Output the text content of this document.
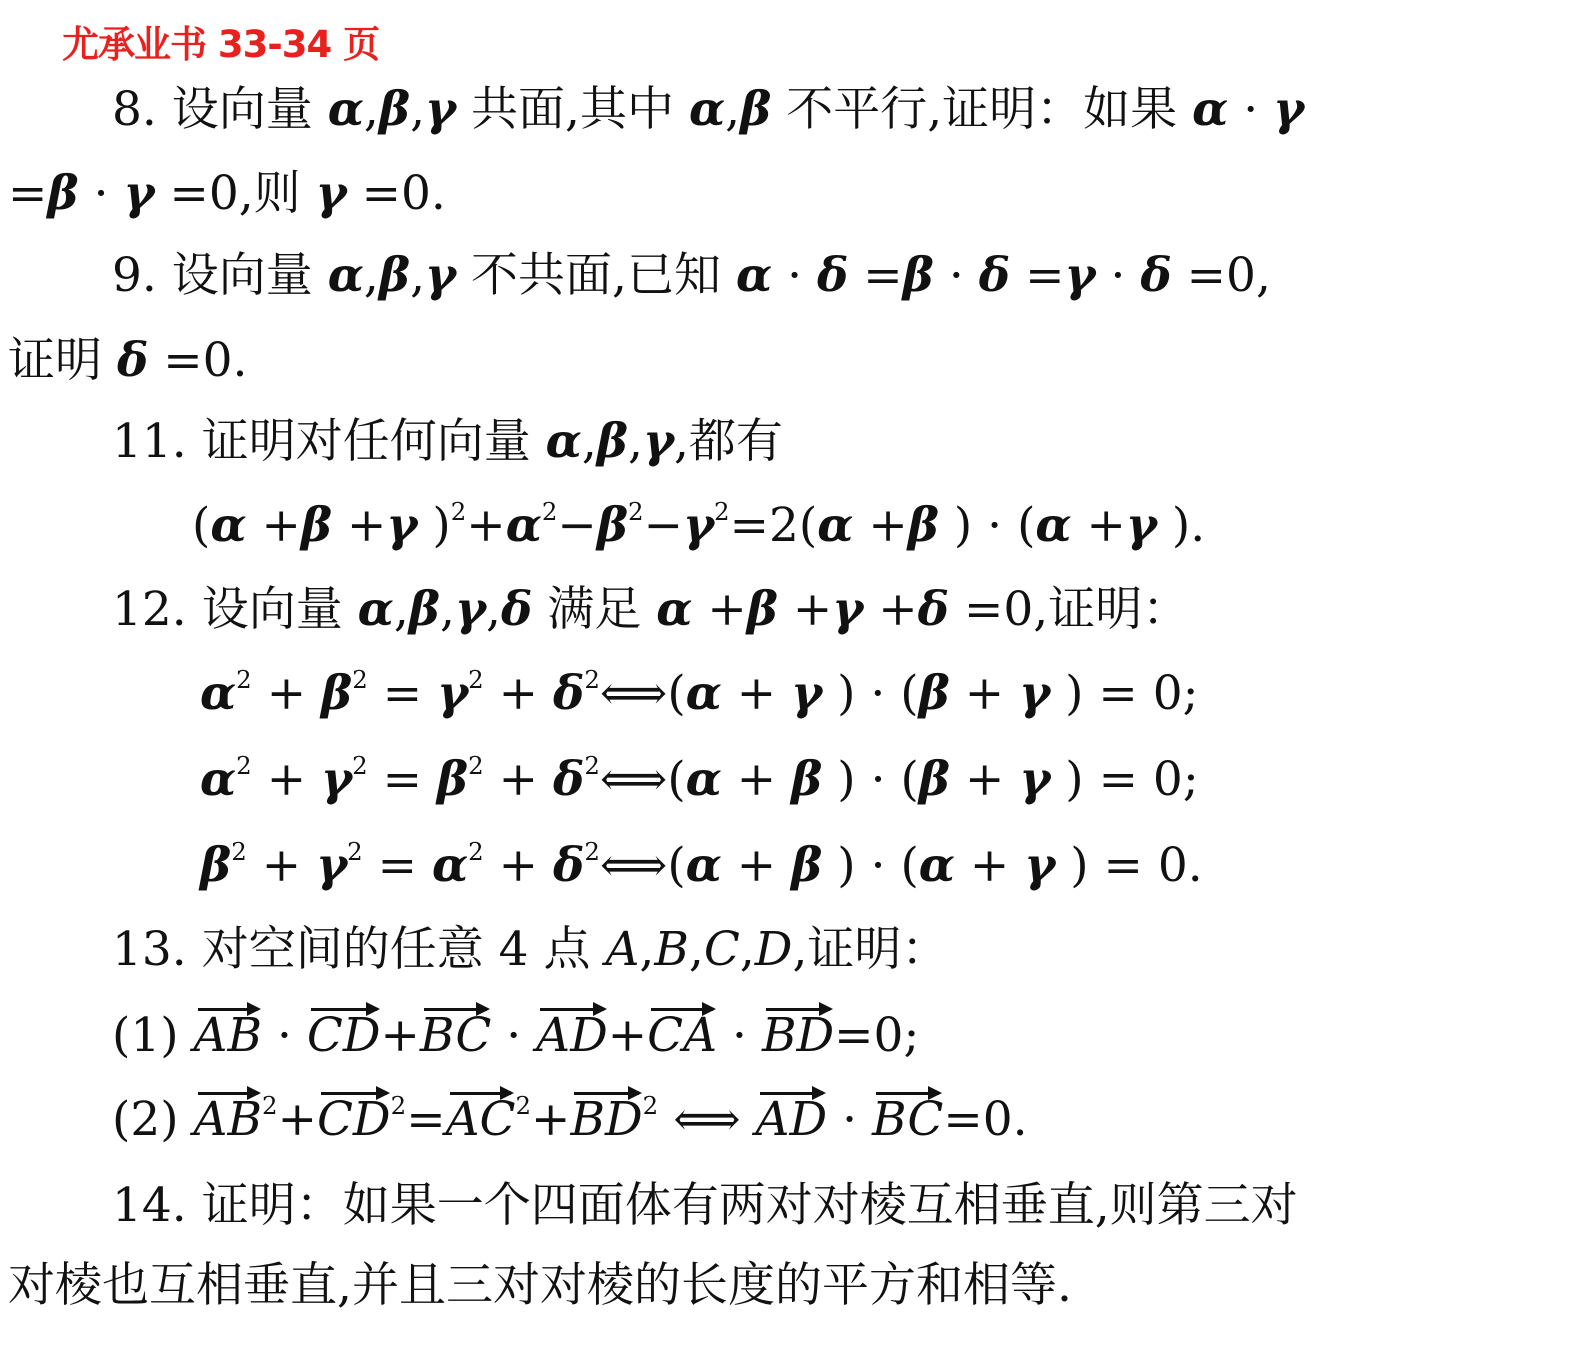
尤承业书 33-34 页
8. 设向量 α,β,γ 共面,其中 α,β 不平行,证明：如果 α · γ
=β · γ =0,则 γ =0.
9. 设向量 α,β,γ 不共面,已知 α · δ =β · δ =γ · δ =0,
证明 δ =0.
11. 证明对任何向量 α,β,γ,都有
(α +β +γ )$^2+\alpha^2-\beta^2-\gamma^2=2(\alpha +\beta$ ) · (α +γ ).
12. 设向量 α,β,γ,δ 满足 α +β +γ +δ =0,证明：
$\alpha^2 + \beta^2 = \gamma^2$ + $\delta^2⟺(\alpha + \gamma$ ) · (β + γ ) = 0;
$\alpha^2 + \gamma^2 = \beta^2$ + $\delta^2⟺(\alpha + \beta$ ) · (β + γ ) = 0;
$\beta^2 + \gamma^2 = \alpha^2$ + $\delta^2⟺(\alpha + \beta$ ) · (α + γ ) = 0.
13. 对空间的任意 4 点 A,B,C,D,证明：
(1) AB · CD+BC · AD+CA · BD=0;
(2) $AB^2+CD^2=AC^2+BD^2$ ⟺ AD · BC=0.
14. 证明：如果一个四面体有两对对棱互相垂直,则第三对
对棱也互相垂直,并且三对对棱的长度的平方和相等.
